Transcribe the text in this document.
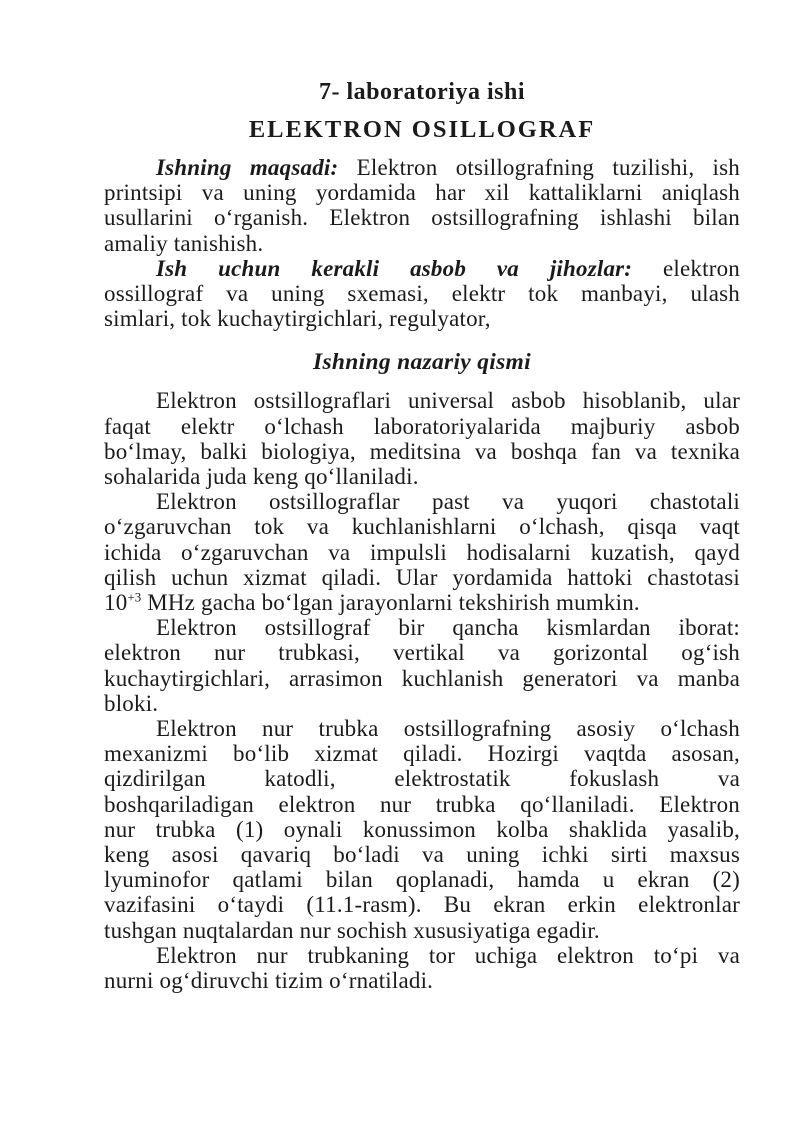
7- laboratoriya ishi
ELEKTRON OSILLOGRAF
Ishning maqsadi: Elektron otsillografning tuzilishi, ish
printsipi va uning yordamida har xil kattaliklarni aniqlash
usullarini o‘rganish. Elektron ostsillografning ishlashi bilan
amaliy tanishish.
Ish uchun kerakli asbob va jihozlar: elektron
ossillograf va uning sxemasi, elektr tok manbayi, ulash
simlari, tok kuchaytirgichlari, regulyator,
Ishning nazariy qismi
Elektron ostsillograflari universal asbob hisoblanib, ular
faqat elektr o‘lchash laboratoriyalarida majburiy asbob
bo‘lmay, balki biologiya, meditsina va boshqa fan va texnika
sohalarida juda keng qo‘llaniladi.
Elektron ostsillograflar past va yuqori chastotali
o‘zgaruvchan tok va kuchlanishlarni o‘lchash, qisqa vaqt
ichida o‘zgaruvchan va impulsli hodisalarni kuzatish, qayd
qilish uchun xizmat qiladi. Ular yordamida hattoki chastotasi
$10^{+3}$ MHz gacha bo‘lgan jarayonlarni tekshirish mumkin.
Elektron ostsillograf bir qancha kismlardan iborat:
elektron nur trubkasi, vertikal va gorizontal og‘ish
kuchaytirgichlari, arrasimon kuchlanish generatori va manba
bloki.
Elektron nur trubka ostsillografning asosiy o‘lchash
mexanizmi bo‘lib xizmat qiladi. Hozirgi vaqtda asosan,
qizdirilgan katodli, elektrostatik fokuslash va
boshqariladigan elektron nur trubka qo‘llaniladi. Elektron
nur trubka (1) oynali konussimon kolba shaklida yasalib,
keng asosi qavariq bo‘ladi va uning ichki sirti maxsus
lyuminofor qatlami bilan qoplanadi, hamda u ekran (2)
vazifasini o‘taydi (11.1-rasm). Bu ekran erkin elektronlar
tushgan nuqtalardan nur sochish xususiyatiga egadir.
Elektron nur trubkaning tor uchiga elektron to‘pi va
nurni og‘diruvchi tizim o‘rnatiladi.
